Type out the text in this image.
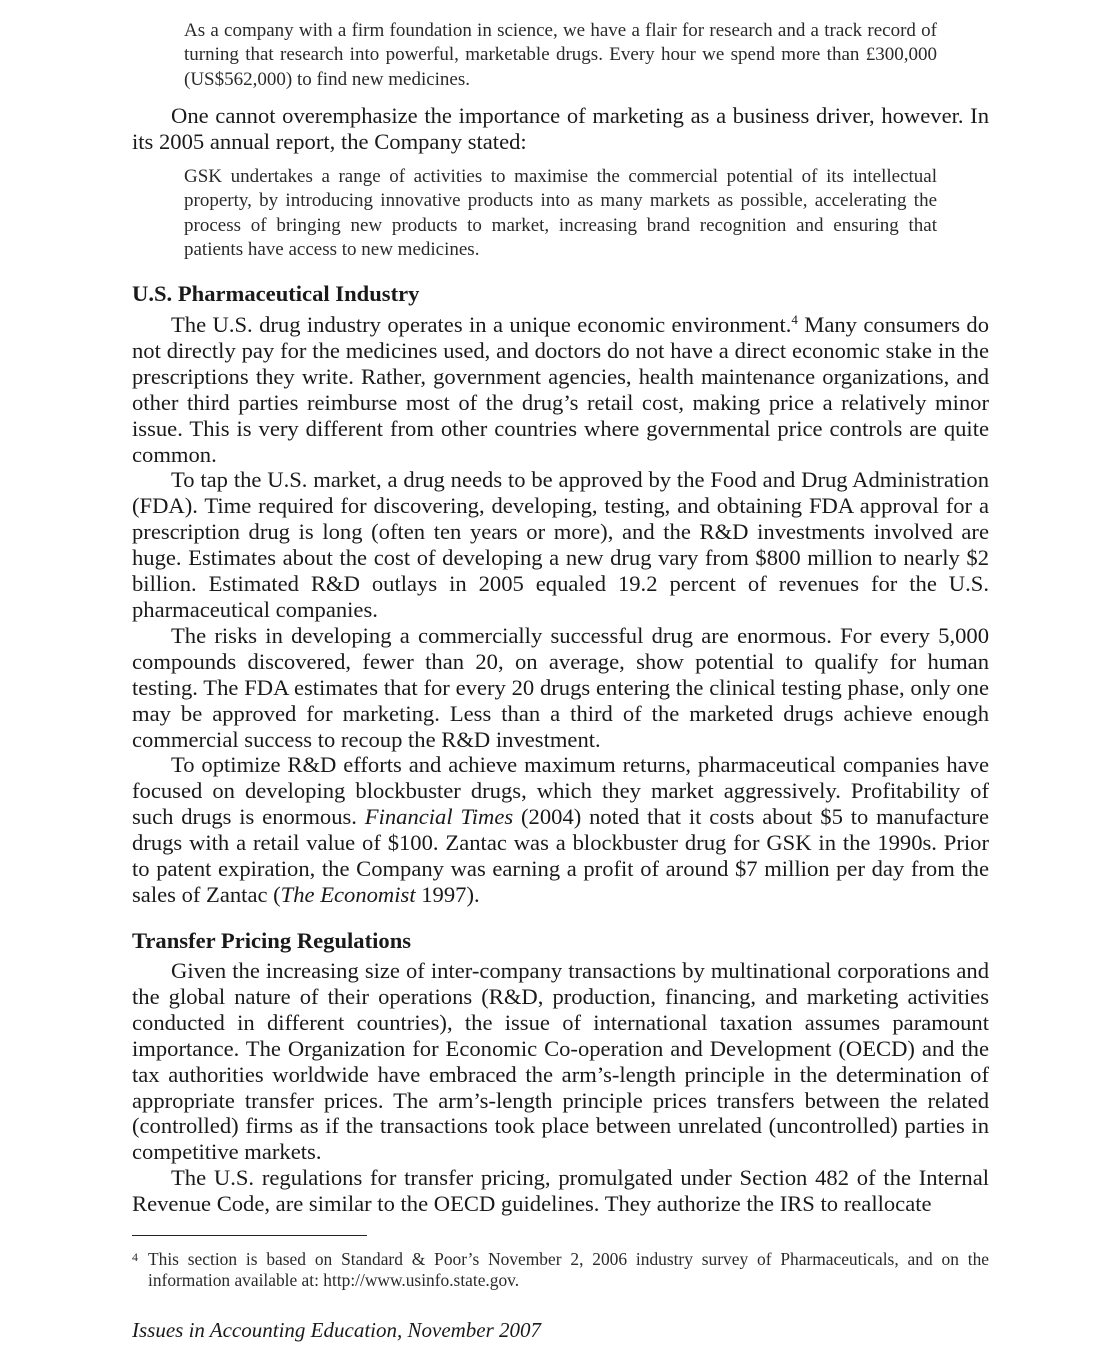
As a company with a firm foundation in science, we have a flair for research and a track record of turning that research into powerful, marketable drugs. Every hour we spend more than £300,000 (US$562,000) to find new medicines.

One cannot overemphasize the importance of marketing as a business driver, however. In its 2005 annual report, the Company stated:

GSK undertakes a range of activities to maximise the commercial potential of its intellectual property, by introducing innovative products into as many markets as possible, accelerating the process of bringing new products to market, increasing brand recognition and ensuring that patients have access to new medicines.

U.S. Pharmaceutical Industry

The U.S. drug industry operates in a unique economic environment.$^4$ Many consumers do not directly pay for the medicines used, and doctors do not have a direct economic stake in the prescriptions they write. Rather, government agencies, health maintenance organizations, and other third parties reimburse most of the drug’s retail cost, making price a relatively minor issue. This is very different from other countries where governmental price controls are quite common.

To tap the U.S. market, a drug needs to be approved by the Food and Drug Administration (FDA). Time required for discovering, developing, testing, and obtaining FDA approval for a prescription drug is long (often ten years or more), and the R&D investments involved are huge. Estimates about the cost of developing a new drug vary from $800 million to nearly $2 billion. Estimated R&D outlays in 2005 equaled 19.2 percent of revenues for the U.S. pharmaceutical companies.

The risks in developing a commercially successful drug are enormous. For every 5,000 compounds discovered, fewer than 20, on average, show potential to qualify for human testing. The FDA estimates that for every 20 drugs entering the clinical testing phase, only one may be approved for marketing. Less than a third of the marketed drugs achieve enough commercial success to recoup the R&D investment.

To optimize R&D efforts and achieve maximum returns, pharmaceutical companies have focused on developing blockbuster drugs, which they market aggressively. Profitability of such drugs is enormous. Financial Times (2004) noted that it costs about $5 to manufacture drugs with a retail value of $100. Zantac was a blockbuster drug for GSK in the 1990s. Prior to patent expiration, the Company was earning a profit of around $7 million per day from the sales of Zantac (The Economist 1997).

Transfer Pricing Regulations

Given the increasing size of inter-company transactions by multinational corporations and the global nature of their operations (R&D, production, financing, and marketing activities conducted in different countries), the issue of international taxation assumes paramount importance. The Organization for Economic Co-operation and Development (OECD) and the tax authorities worldwide have embraced the arm’s-length principle in the determination of appropriate transfer prices. The arm’s-length principle prices transfers between the related (controlled) firms as if the transactions took place between unrelated (uncontrolled) parties in competitive markets.

The U.S. regulations for transfer pricing, promulgated under Section 482 of the Internal Revenue Code, are similar to the OECD guidelines. They authorize the IRS to reallocate

4 This section is based on Standard & Poor’s November 2, 2006 industry survey of Pharmaceuticals, and on the information available at: http://www.usinfo.state.gov.
Issues in Accounting Education, November 2007
